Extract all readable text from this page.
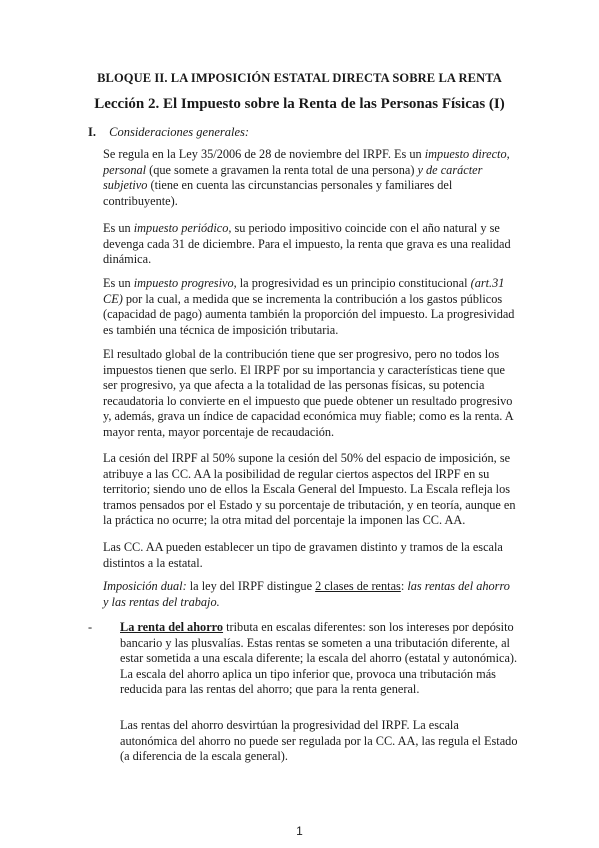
BLOQUE II. LA IMPOSICIÓN ESTATAL DIRECTA SOBRE LA RENTA
Lección 2. El Impuesto sobre la Renta de las Personas Físicas (I)
I. Consideraciones generales:

Se regula en la Ley 35/2006 de 28 de noviembre del IRPF. Es un impuesto directo, personal (que somete a gravamen la renta total de una persona) y de carácter subjetivo (tiene en cuenta las circunstancias personales y familiares del contribuyente).

Es un impuesto periódico, su periodo impositivo coincide con el año natural y se devenga cada 31 de diciembre. Para el impuesto, la renta que grava es una realidad dinámica.

Es un impuesto progresivo, la progresividad es un principio constitucional (art.31 CE) por la cual, a medida que se incrementa la contribución a los gastos públicos (capacidad de pago) aumenta también la proporción del impuesto. La progresividad es también una técnica de imposición tributaria.

El resultado global de la contribución tiene que ser progresivo, pero no todos los impuestos tienen que serlo. El IRPF por su importancia y características tiene que ser progresivo, ya que afecta a la totalidad de las personas físicas, su potencia recaudatoria lo convierte en el impuesto que puede obtener un resultado progresivo y, además, grava un índice de capacidad económica muy fiable; como es la renta. A mayor renta, mayor porcentaje de recaudación.

La cesión del IRPF al 50% supone la cesión del 50% del espacio de imposición, se atribuye a las CC. AA la posibilidad de regular ciertos aspectos del IRPF en su territorio; siendo uno de ellos la Escala General del Impuesto. La Escala refleja los tramos pensados por el Estado y su porcentaje de tributación, y en teoría, aunque en la práctica no ocurre; la otra mitad del porcentaje la imponen las CC. AA.

Las CC. AA pueden establecer un tipo de gravamen distinto y tramos de la escala distintos a la estatal.

Imposición dual: la ley del IRPF distingue 2 clases de rentas: las rentas del ahorro y las rentas del trabajo.

- La renta del ahorro tributa en escalas diferentes: son los intereses por depósito bancario y las plusvalías. Estas rentas se someten a una tributación diferente, al estar sometida a una escala diferente; la escala del ahorro (estatal y autonómica). La escala del ahorro aplica un tipo inferior que, provoca una tributación más reducida para las rentas del ahorro; que para la renta general.

Las rentas del ahorro desvirtúan la progresividad del IRPF. La escala autonómica del ahorro no puede ser regulada por la CC. AA, las regula el Estado (a diferencia de la escala general).

1
